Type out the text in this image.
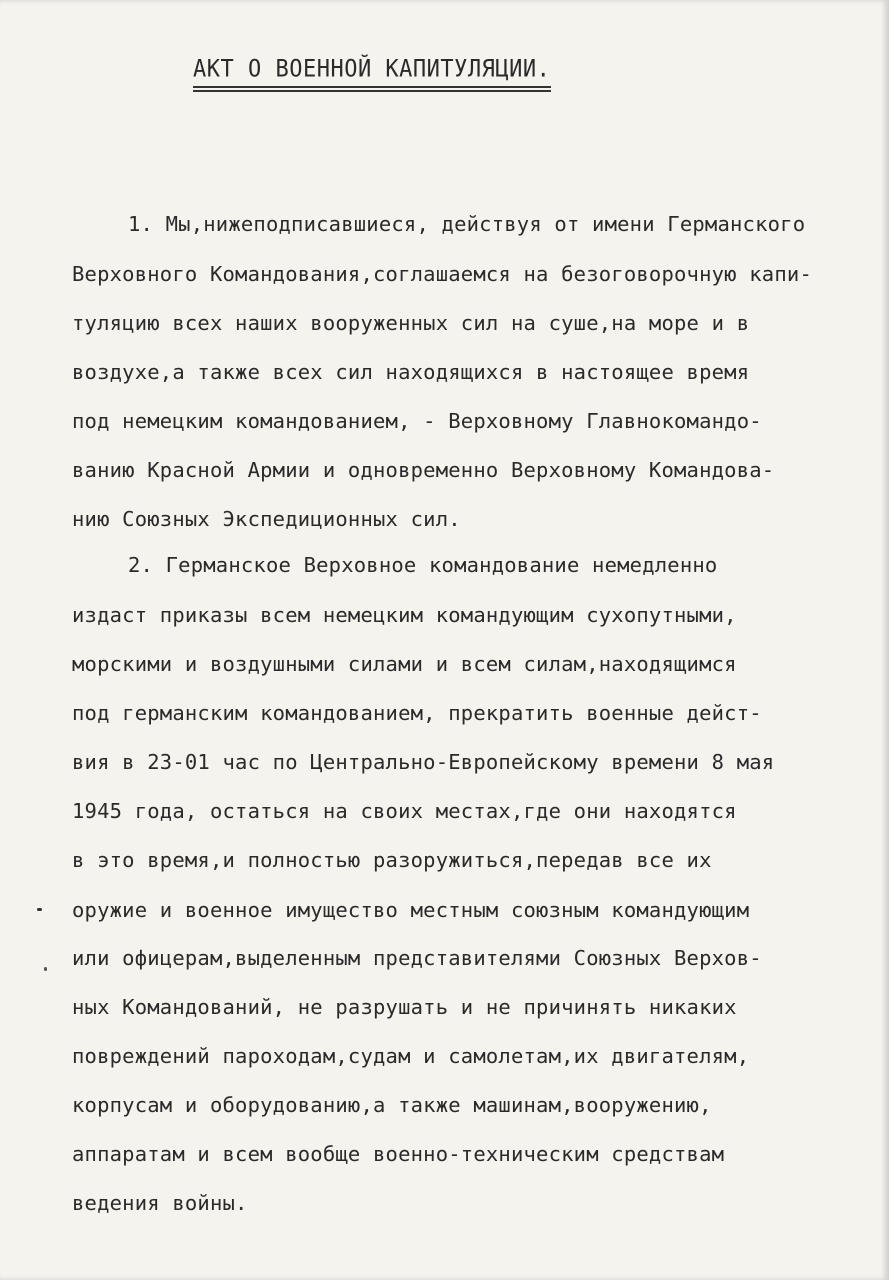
АКТ О ВОЕННОЙ КАПИТУЛЯЦИИ.
1. Мы,нижеподписавшиеся, действуя от имени Германского
Верховного Командования,соглашаемся на безоговорочную капи-
туляцию всех наших вооруженных сил на суше,на море и в
воздухе,а также всех сил находящихся в настоящее время
под немецким командованием, - Верховному Главнокомандо-
ванию Красной Армии и одновременно Верховному Командова-
нию Союзных Экспедиционных сил.
2. Германское Верховное командование немедленно
издаст приказы всем немецким командующим сухопутными,
морскими и воздушными силами и всем силам,находящимся
под германским командованием, прекратить военные дейст-
вия в 23-01 час по Центрально-Европейскому времени 8 мая
1945 года, остаться на своих местах,где они находятся
в это время,и полностью разоружиться,передав все их
оружие и военное имущество местным союзным командующим
или офицерам,выделенным представителями Союзных Верхов-
ных Командований, не разрушать и не причинять никаких
повреждений пароходам,судам и самолетам,их двигателям,
корпусам и оборудованию,а также машинам,вооружению,
аппаратам и всем вообще военно-техническим средствам
ведения войны.
